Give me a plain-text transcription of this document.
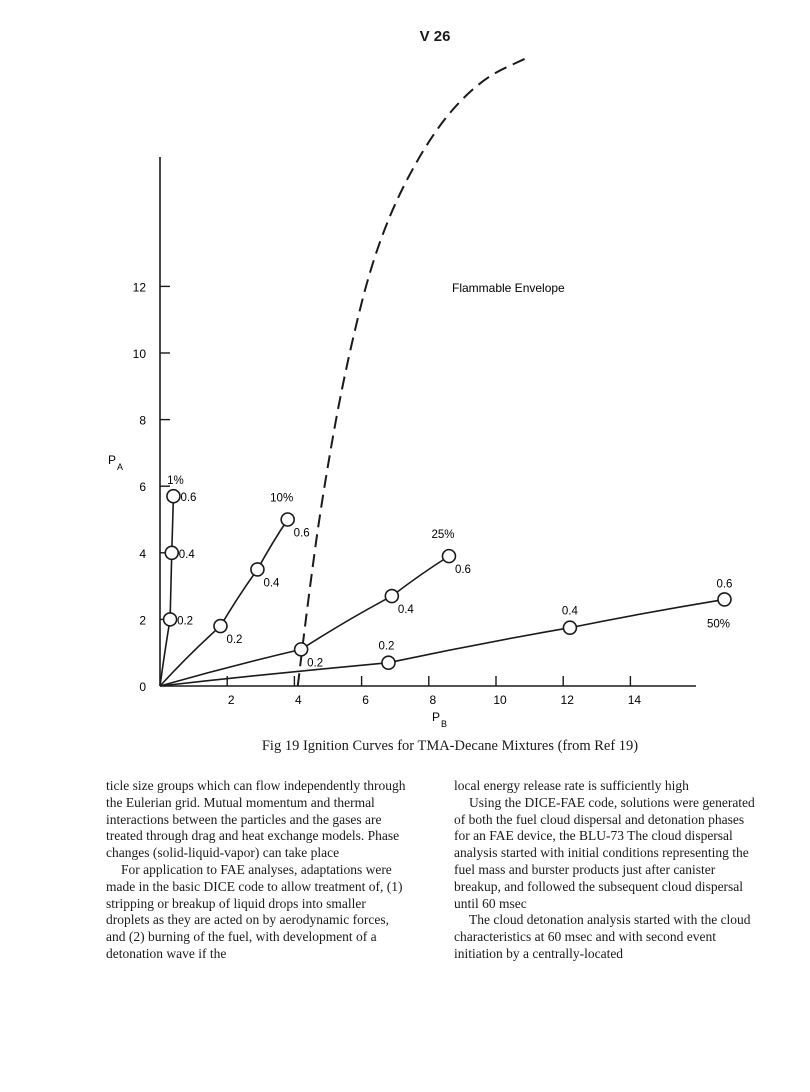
V 26
2
4
6
8
10
12
2	4	6	8	10	12	14
0
P A
P B
Flammable Envelope
0.2
0.4
0.6
1%
0.2
0.4
0.6
10%
0.2
0.4
0.6
25%
0.2
0.4
0.6
50%
Fig 19 Ignition Curves for TMA-Decane Mixtures (from Ref 19)

ticle size groups which can flow independently through the Eulerian grid. Mutual momentum and thermal interactions between the particles and the gases are treated through drag and heat exchange models. Phase changes (solid-liquid-vapor) can take place

For application to FAE analyses, adaptations were made in the basic DICE code to allow treatment of, (1) stripping or breakup of liquid drops into smaller droplets as they are acted on by aerodynamic forces, and (2) burning of the fuel, with development of a detonation wave if the

local energy release rate is sufficiently high

Using the DICE-FAE code, solutions were generated of both the fuel cloud dispersal and detonation phases for an FAE device, the BLU-73 The cloud dispersal analysis started with initial conditions representing the fuel mass and burster products just after canister breakup, and followed the subsequent cloud dispersal until 60 msec

The cloud detonation analysis started with the cloud characteristics at 60 msec and with second event initiation by a centrally-located
